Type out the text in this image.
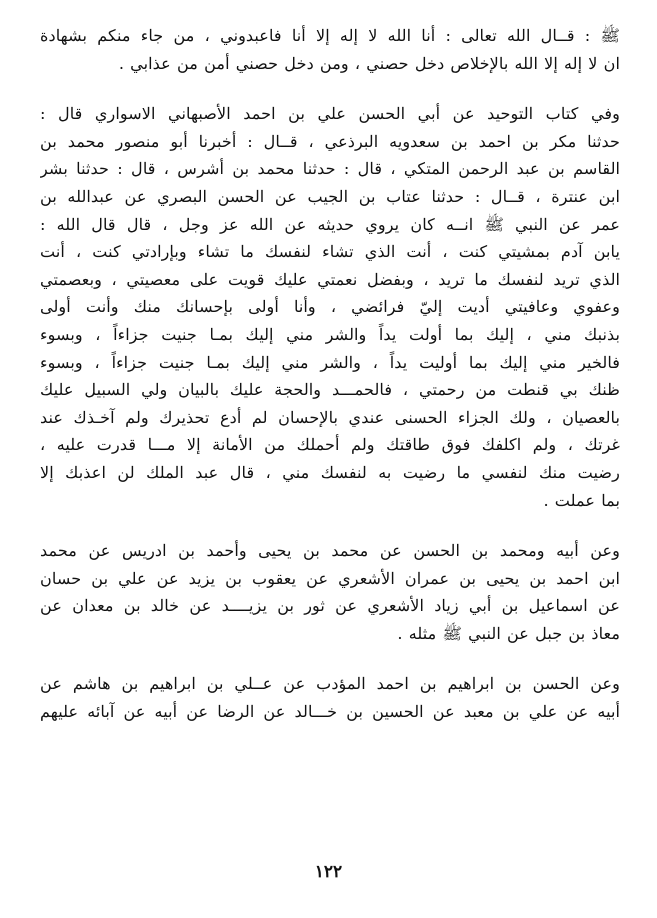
ﷺ : قــال الله تعالى : أنا الله لا إله إلا أنا فاعبدوني ، من جاء منكم بشهادة
ان لا إله إلا الله بالإخلاص دخل حصني ، ومن دخل حصني أمن من عذابي .

وفي كتاب التوحيد عن أبي الحسن علي بن احمد الأصبهاني الاسواري قال :
حدثنا مكر بن احمد بن سعدويه البرذعي ، قــال : أخبرنا أبو منصور محمد بن
القاسم بن عبد الرحمن المتكي ، قال : حدثنا محمد بن أشرس ، قال : حدثنا بشر
ابن عنترة ، قــال : حدثنا عتاب بن الجيب عن الحسن البصري عن عبدالله بن
عمر عن النبي ﷺ انــه كان يروي حديثه عن الله عز وجل ، قال قال الله :
يابن آدم بمشيتي كنت ، أنت الذي تشاء لنفسك ما تشاء وبإرادتي كنت ، أنت
الذي تريد لنفسك ما تريد ، وبفضل نعمتي عليك قويت على معصيتي ، وبعصمتي
وعفوي وعافيتي أديت إليّ فرائضي ، وأنا أولى بإحسانك منك وأنت أولى
بذنبك مني ، إليك بما أولت يداً والشر مني إليك بمـا جنيت جزاءاً ، وبسوء
فالخير مني إليك بما أوليت يداً ، والشر مني إليك بمـا جنيت جزاءاً ، وبسوء
ظنك بي قنطت من رحمتي ، فالحمـــد والحجة عليك بالبيان ولي السبيل عليك
بالعصيان ، ولك الجزاء الحسنى عندي بالإحسان لم أدع تحذيرك ولم آخـذك عند
غرتك ، ولم اكلفك فوق طاقتك ولم أحملك من الأمانة إلا مـــا قدرت عليه ،
رضيت منك لنفسي ما رضيت به لنفسك مني ، قال عبد الملك لن اعذبك إلا
بما عملت .

وعن أبيه ومحمد بن الحسن عن محمد بن يحيى وأحمد بن ادريس عن محمد
ابن احمد بن يحيى بن عمران الأشعري عن يعقوب بن يزيد عن علي بن حسان
عن اسماعيل بن أبي زياد الأشعري عن ثور بن يزيــــد عن خالد بن معدان عن
معاذ بن جبل عن النبي ﷺ مثله .

وعن الحسن بن ابراهيم بن احمد المؤدب عن عــلي بن ابراهيم بن هاشم عن
أبيه عن علي بن معبد عن الحسين بن خـــالد عن الرضا عن أبيه عن آبائه عليهم

١٢٢
